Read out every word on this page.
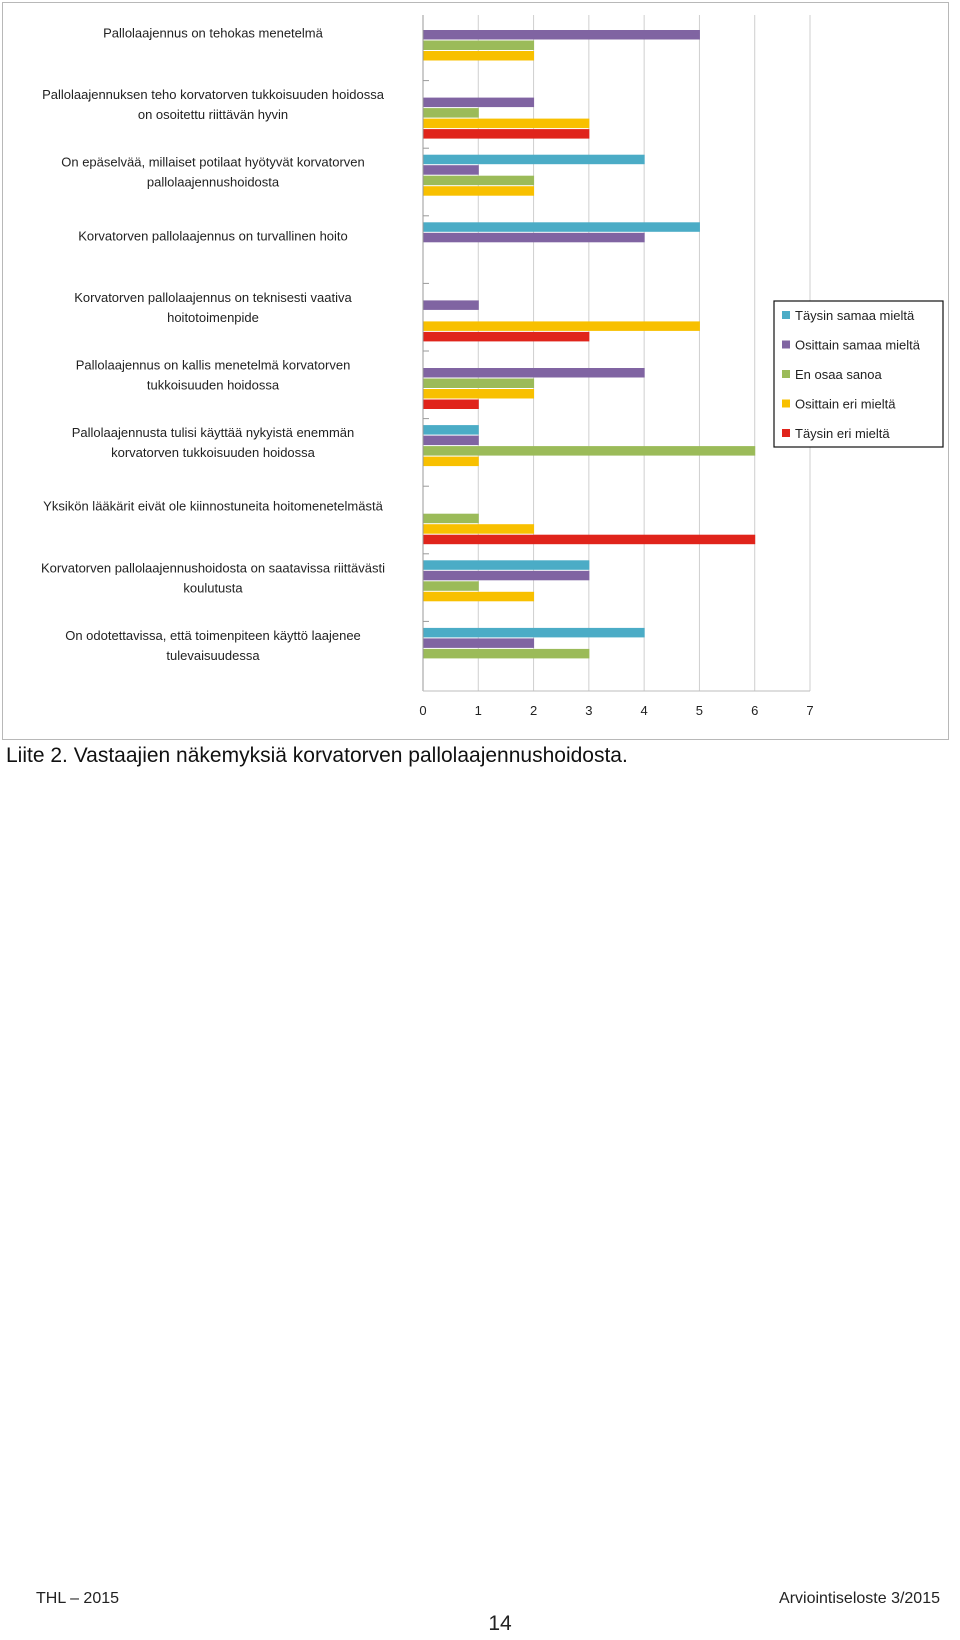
Pallolaajennus on tehokas menetelmä
Pallolaajennuksen teho korvatorven tukkoisuuden hoidossa
on osoitettu riittävän hyvin
On epäselvää, millaiset potilaat hyötyvät korvatorven
pallolaajennushoidosta
Korvatorven pallolaajennus on turvallinen hoito
Korvatorven pallolaajennus on teknisesti vaativa
hoitotoimenpide
Pallolaajennus on kallis menetelmä korvatorven
tukkoisuuden hoidossa
Pallolaajennusta tulisi käyttää nykyistä enemmän
korvatorven tukkoisuuden hoidossa
Yksikön lääkärit eivät ole kiinnostuneita hoitomenetelmästä
Korvatorven pallolaajennushoidosta on saatavissa riittävästi
koulutusta
On odotettavissa, että toimenpiteen käyttö laajenee
tulevaisuudessa
0	1	2	3	4	5	6	7
Täysin samaa mieltä
Osittain samaa mieltä
En osaa sanoa
Osittain eri mieltä
Täysin eri mieltä
Liite 2. Vastaajien näkemyksiä korvatorven pallolaajennushoidosta.
THL – 2015	Arviointiseloste 3/2015
14
